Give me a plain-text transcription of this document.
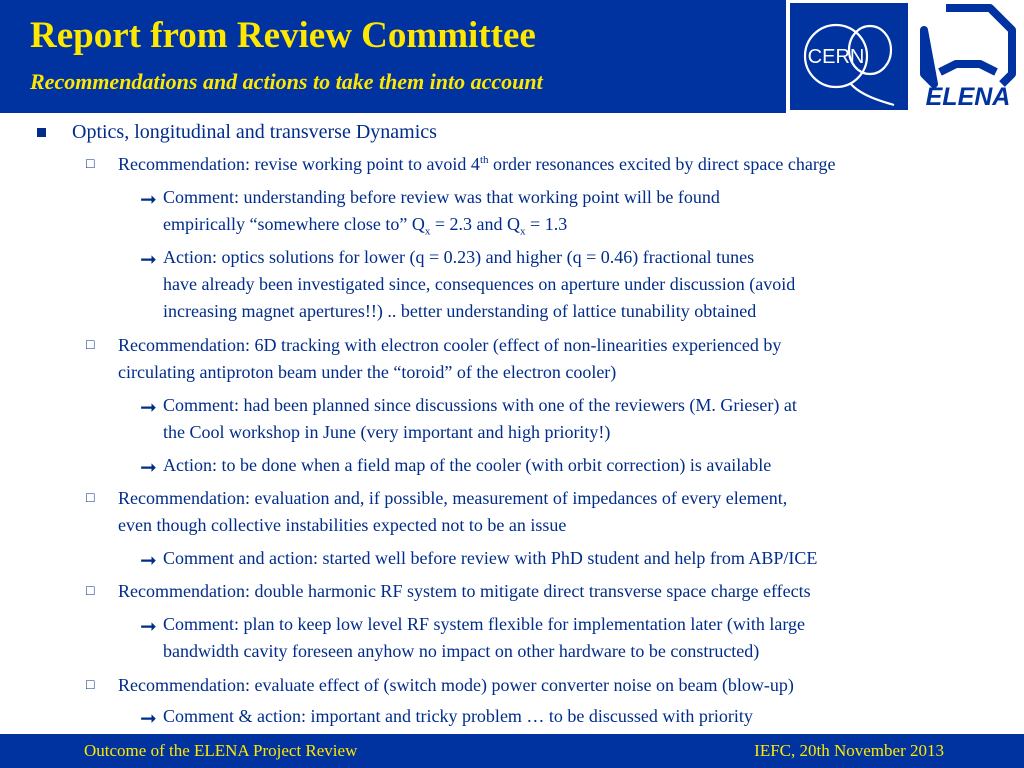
Report from Review Committee
Recommendations and actions to take them into account
CERN
ELENA
Optics, longitudinal and transverse Dynamics
□ Recommendation: revise working point to avoid 4th order resonances excited by direct space charge
➞ Comment: understanding before review was that working point will be found
empirically “somewhere close to” $Q_x = 2.3$ and $Q_x = 1.3$
➞ Action: optics solutions for lower (q = 0.23) and higher (q = 0.46) fractional tunes
have already been investigated since, consequences on aperture under discussion (avoid
increasing magnet apertures!!) .. better understanding of lattice tunability obtained
□ Recommendation: 6D tracking with electron cooler (effect of non-linearities experienced by
circulating antiproton beam under the “toroid” of the electron cooler)
➞ Comment: had been planned since discussions with one of the reviewers (M. Grieser) at
the Cool workshop in June (very important and high priority!)
➞ Action: to be done when a field map of the cooler (with orbit correction) is available
□ Recommendation: evaluation and, if possible, measurement of impedances of every element,
even though collective instabilities expected not to be an issue
➞ Comment and action: started well before review with PhD student and help from ABP/ICE
□ Recommendation: double harmonic RF system to mitigate direct transverse space charge effects
➞ Comment: plan to keep low level RF system flexible for implementation later (with large
bandwidth cavity foreseen anyhow no impact on other hardware to be constructed)
□ Recommendation: evaluate effect of (switch mode) power converter noise on beam (blow-up)
➞ Comment & action: important and tricky problem … to be discussed with priority
Outcome of the ELENA Project Review	IEFC, 20th November 2013
